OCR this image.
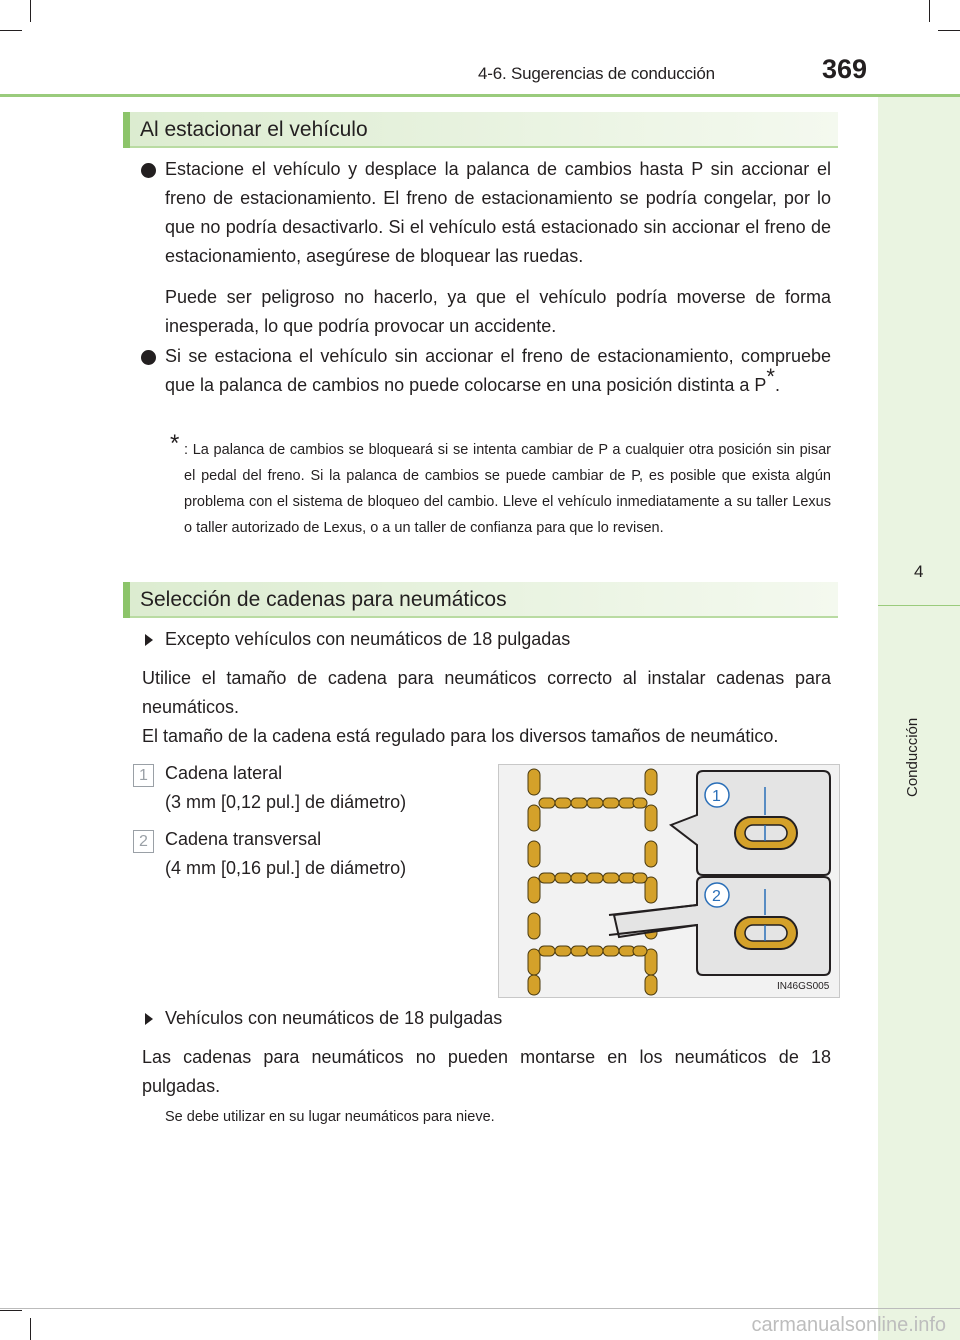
4-6. Sugerencias de conducción	369
4
Conducción
Al estacionar el vehículo
Estacione el vehículo y desplace la palanca de cambios hasta P sin accionar el freno de estacionamiento. El freno de estacionamiento se podría congelar, por lo que no podría desactivarlo. Si el vehículo está estacionado sin accionar el freno de estacionamiento, asegúrese de bloquear las ruedas.
Puede ser peligroso no hacerlo, ya que el vehículo podría moverse de forma inesperada, lo que podría provocar un accidente.
Si se estaciona el vehículo sin accionar el freno de estacionamiento, compruebe que la palanca de cambios no puede colocarse en una posición distinta a P*.
* : La palanca de cambios se bloqueará si se intenta cambiar de P a cualquier otra posición sin pisar el pedal del freno. Si la palanca de cambios se puede cambiar de P, es posible que exista algún problema con el sistema de bloqueo del cambio. Lleve el vehículo inmediatamente a su taller Lexus o taller autorizado de Lexus, o a un taller de confianza para que lo revisen.
Selección de cadenas para neumáticos
Excepto vehículos con neumáticos de 18 pulgadas
Utilice el tamaño de cadena para neumáticos correcto al instalar cadenas para neumáticos.
El tamaño de la cadena está regulado para los diversos tamaños de neumático.
1 Cadena lateral
(3 mm [0,12 pul.] de diámetro)
2 Cadena transversal
(4 mm [0,16 pul.] de diámetro)
1
2
IN46GS005
Vehículos con neumáticos de 18 pulgadas
Las cadenas para neumáticos no pueden montarse en los neumáticos de 18 pulgadas.
Se debe utilizar en su lugar neumáticos para nieve.
carmanualsonline.info
